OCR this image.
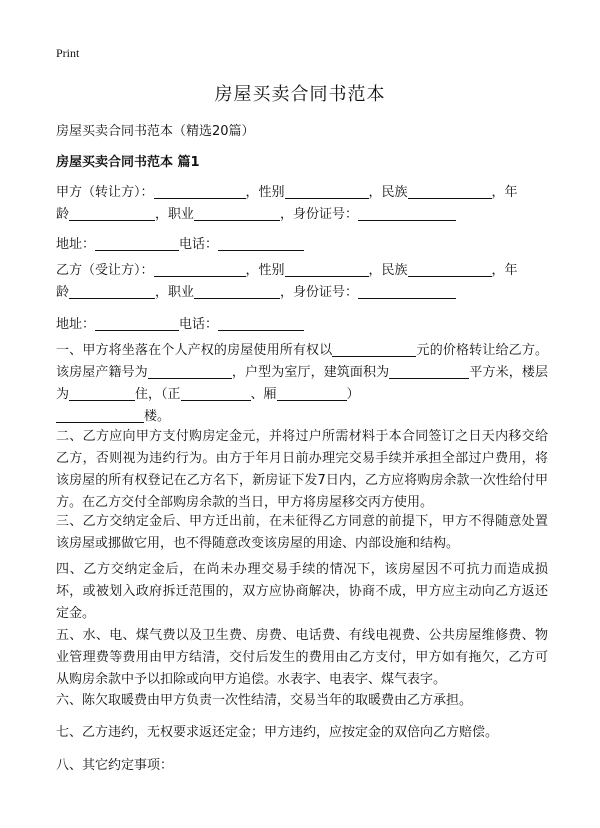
Print
房屋买卖合同书范本
房屋买卖合同书范本（精选20篇）
房屋买卖合同书范本 篇1
甲方（转让方）：	，性别	，民族	，年
龄	，职业	，身份证号：
地址：	电话：
乙方（受让方）：	，性别	，民族	，年
龄	，职业	，身份证号：
地址：	电话：
一、甲方将坐落在个人产权的房屋使用所有权以	元的价格转让给乙方。该房屋产籍号为	，户型为室厅，建筑面积为	平方米，楼层为	住，（正	、厢	）
楼。
二、乙方应向甲方支付购房定金元，并将过户所需材料于本合同签订之日天内移交给乙方，否则视为违约行为。由方于年月日前办理完交易手续并承担全部过户费用，将该房屋的所有权登记在乙方名下，新房证下发7日内，乙方应将购房余款一次性给付甲方。在乙方交付全部购房余款的当日，甲方将房屋移交丙方使用。
三、乙方交纳定金后、甲方迁出前，在未征得乙方同意的前提下，甲方不得随意处置该房屋或挪做它用，也不得随意改变该房屋的用途、内部设施和结构。
四、乙方交纳定金后，在尚未办理交易手续的情况下，该房屋因不可抗力而造成损坏，或被划入政府拆迁范围的，双方应协商解决，协商不成，甲方应主动向乙方返还定金。
五、水、电、煤气费以及卫生费、房费、电话费、有线电视费、公共房屋维修费、物业管理费等费用由甲方结清，交付后发生的费用由乙方支付，甲方如有拖欠，乙方可从购房余款中予以扣除或向甲方追偿。水表字、电表字、煤气表字。
六、陈欠取暖费由甲方负责一次性结清，交易当年的取暖费由乙方承担。
七、乙方违约，无权要求返还定金；甲方违约，应按定金的双倍向乙方赔偿。
八、其它约定事项：
